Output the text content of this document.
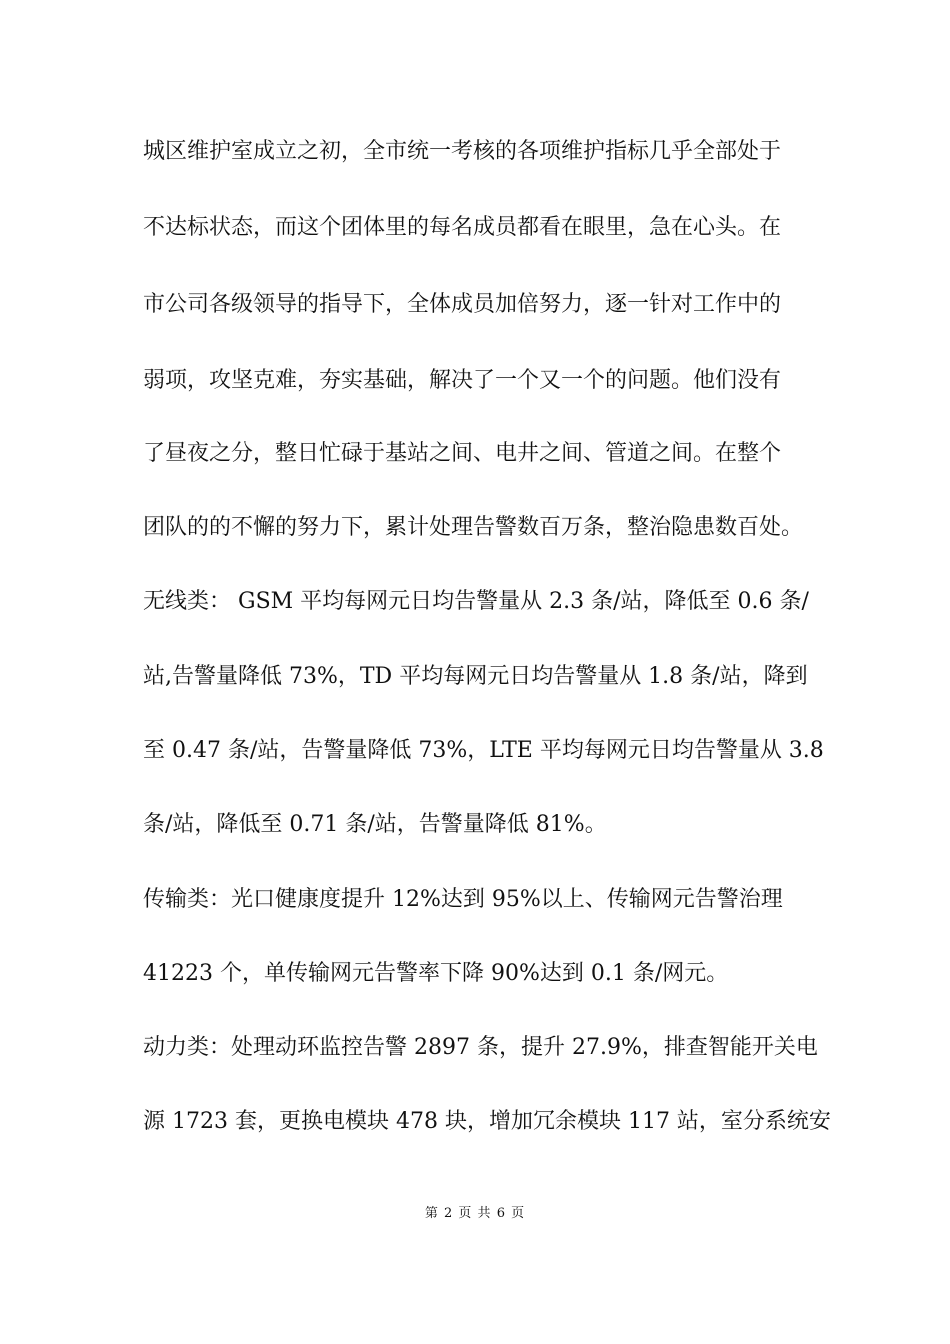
城区维护室成立之初，全市统一考核的各项维护指标几乎全部处于
不达标状态，而这个团体里的每名成员都看在眼里，急在心头。在
市公司各级领导的指导下，全体成员加倍努力，逐一针对工作中的
弱项，攻坚克难，夯实基础，解决了一个又一个的问题。他们没有
了昼夜之分，整日忙碌于基站之间、电井之间、管道之间。在整个
团队的的不懈的努力下，累计处理告警数百万条，整治隐患数百处。
无线类： GSM 平均每网元日均告警量从 2.3 条/站，降低至 0.6 条/
站,告警量降低 73%，TD 平均每网元日均告警量从 1.8 条/站，降到
至 0.47 条/站，告警量降低 73%，LTE 平均每网元日均告警量从 3.8
条/站，降低至 0.71 条/站，告警量降低 81%。
传输类：光口健康度提升 12%达到 95%以上、传输网元告警治理
41223 个，单传输网元告警率下降 90%达到 0.1 条/网元。
动力类：处理动环监控告警 2897 条，提升 27.9%，排查智能开关电
源 1723 套，更换电模块 478 块，增加冗余模块 117 站，室分系统安
第 2 页 共 6 页
